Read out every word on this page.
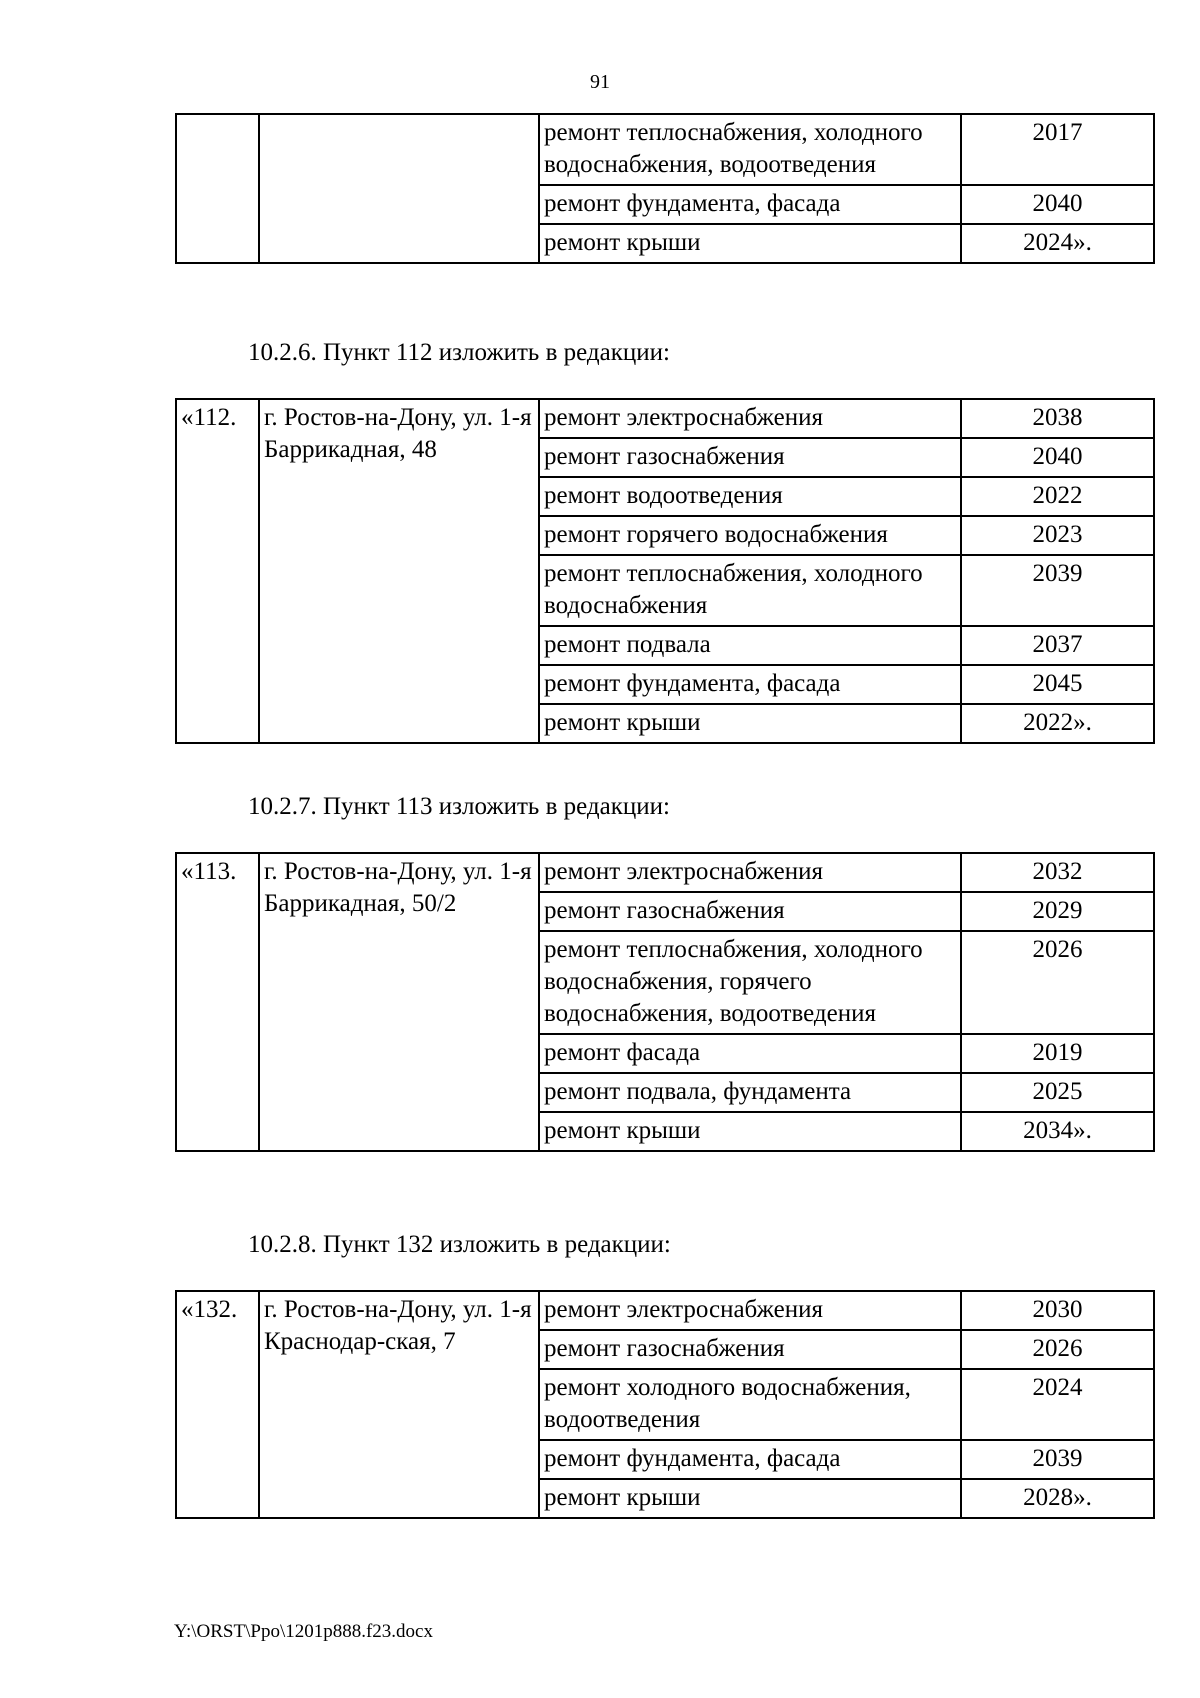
91
		ремонт теплоснабжения, холодного водоснабжения, водоотведения	2017
		ремонт фундамента, фасада	2040
		ремонт крыши	2024».
10.2.6. Пункт 112 изложить в редакции:
«112.	г. Ростов-на-Дону, ул. 1-я Баррикадная, 48	ремонт электроснабжения	2038
		ремонт газоснабжения	2040
		ремонт водоотведения	2022
		ремонт горячего водоснабжения	2023
		ремонт теплоснабжения, холодного водоснабжения	2039
		ремонт подвала	2037
		ремонт фундамента, фасада	2045
		ремонт крыши	2022».
10.2.7. Пункт 113 изложить в редакции:
«113.	г. Ростов-на-Дону, ул. 1-я Баррикадная, 50/2	ремонт электроснабжения	2032
		ремонт газоснабжения	2029
		ремонт теплоснабжения, холодного водоснабжения, горячего водоснабжения, водоотведения	2026
		ремонт фасада	2019
		ремонт подвала, фундамента	2025
		ремонт крыши	2034».
10.2.8. Пункт 132 изложить в редакции:
«132.	г. Ростов-на-Дону, ул. 1-я Краснодар-ская, 7	ремонт электроснабжения	2030
		ремонт газоснабжения	2026
		ремонт холодного водоснабжения, водоотведения	2024
		ремонт фундамента, фасада	2039
		ремонт крыши	2028».
Y:\ORST\Ppo\1201p888.f23.docx
